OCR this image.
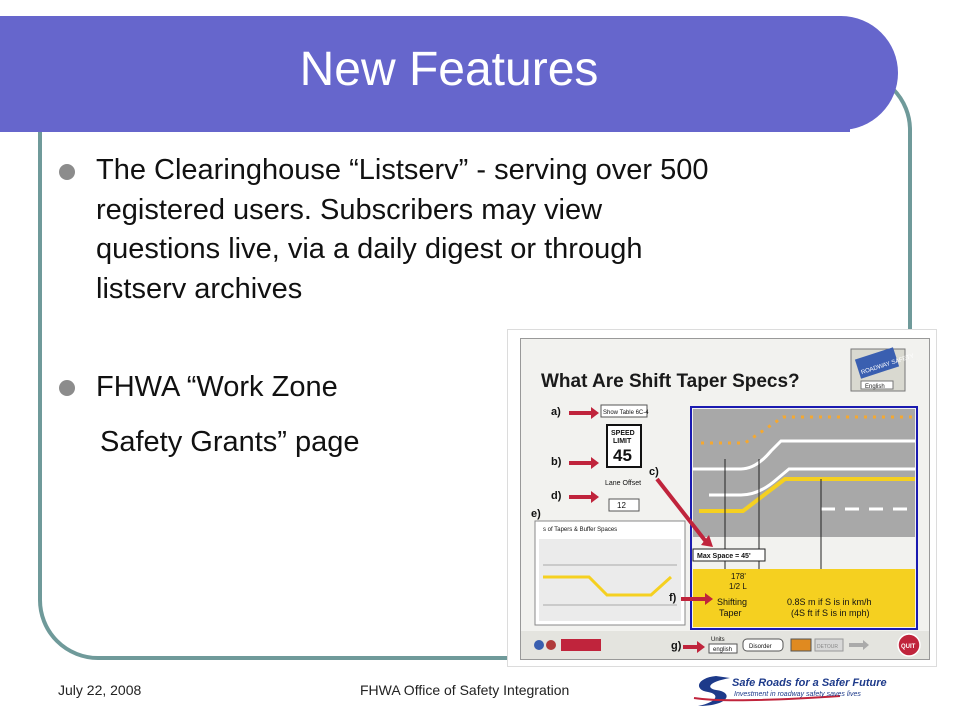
New Features
The Clearinghouse “Listserv” - serving over 500
registered users. Subscribers may view
questions live, via a daily digest or through
listserv archives
FHWA “Work Zone
Safety Grants” page
What Are Shift Taper Specs?
ROADWAY SAFETY
English
Max Space = 45'
178'
1/2 L
Shifting
Taper
0.8S m if S is in km/h
(4S ft if S is in mph)
a)	Show Table 6C-4
SPEED
LIMIT
45
b)
c)
Lane Offset
12
d)
e)
s of Tapers & Buffer Spaces
f)
g)	Units
english	Disorder	DETOUR	QUIT
July 22, 2008	FHWA Office of Safety Integration	Safe Roads for a Safer Future
Investment in roadway safety saves lives
